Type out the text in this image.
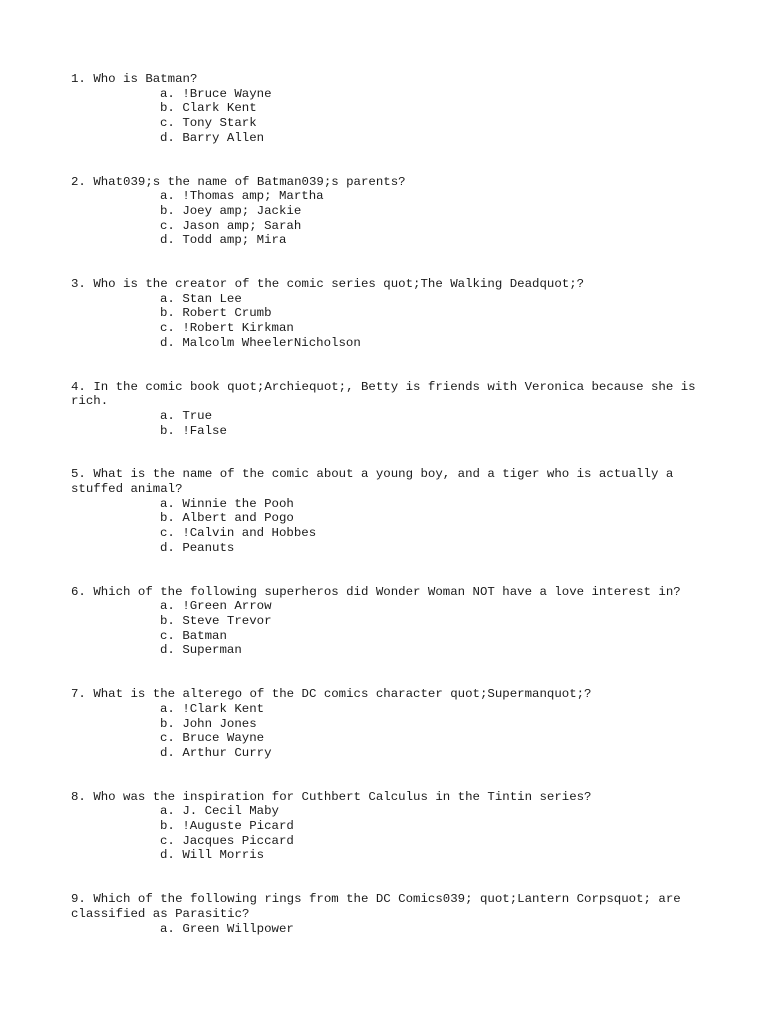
1. Who is Batman?
a. !Bruce Wayne
b. Clark Kent
c. Tony Stark
d. Barry Allen
2. What039;s the name of Batman039;s parents?
a. !Thomas amp; Martha
b. Joey amp; Jackie
c. Jason amp; Sarah
d. Todd amp; Mira
3. Who is the creator of the comic series quot;The Walking Deadquot;?
a. Stan Lee
b. Robert Crumb
c. !Robert Kirkman
d. Malcolm WheelerNicholson
4. In the comic book quot;Archiequot;, Betty is friends with Veronica because she is rich.
a. True
b. !False
5. What is the name of the comic about a young boy, and a tiger who is actually a stuffed animal?
a. Winnie the Pooh
b. Albert and Pogo
c. !Calvin and Hobbes
d. Peanuts
6. Which of the following superheros did Wonder Woman NOT have a love interest in?
a. !Green Arrow
b. Steve Trevor
c. Batman
d. Superman
7. What is the alterego of the DC comics character quot;Supermanquot;?
a. !Clark Kent
b. John Jones
c. Bruce Wayne
d. Arthur Curry
8. Who was the inspiration for Cuthbert Calculus in the Tintin series?
a. J. Cecil Maby
b. !Auguste Picard
c. Jacques Piccard
d. Will Morris
9. Which of the following rings from the DC Comics039; quot;Lantern Corpsquot; are classified as Parasitic?
a. Green Willpower
